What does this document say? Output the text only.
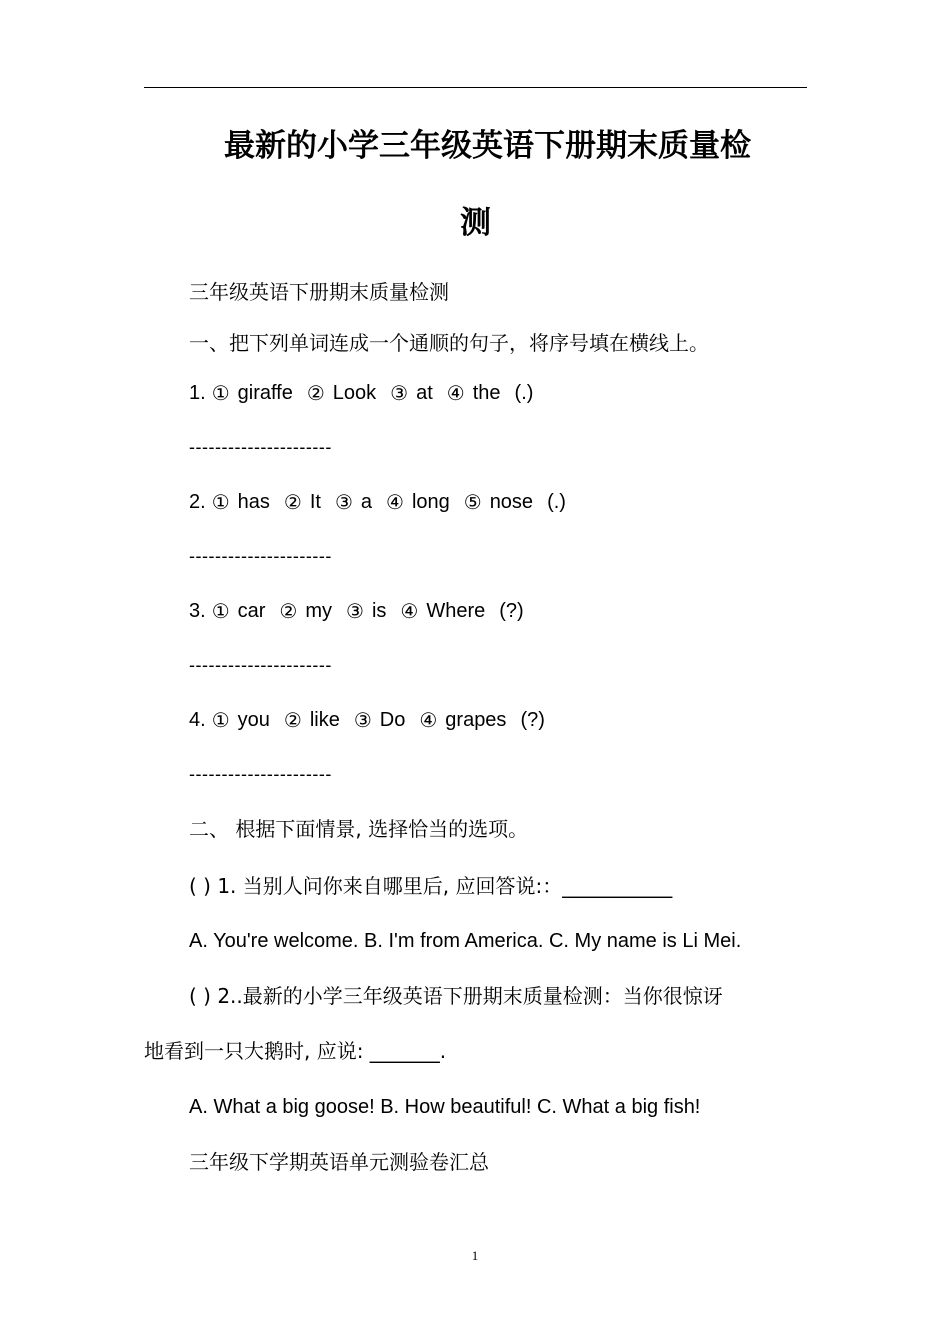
最新的小学三年级英语下册期末质量检
测
三年级英语下册期末质量检测
一、把下列单词连成一个通顺的句子，将序号填在横线上。
1. ① giraffe ② Look ③ at ④ the (.)
----------------------
2. ① has ② It ③ a ④ long ⑤ nose (.)
----------------------
3. ① car ② my ③ is ④ Where (?)
----------------------
4. ① you ② like ③ Do ④ grapes (?)
----------------------
二、 根据下面情景, 选择恰当的选项。
( ) 1. 当别人问你来自哪里后, 应回答说:：___________
A. You're welcome. B. I'm from America. C. My name is Li Mei.
( ) 2..最新的小学三年级英语下册期末质量检测：当你很惊讶
地看到一只大鹅时, 应说: _______.
A. What a big goose! B. How beautiful! C. What a big fish!
三年级下学期英语单元测验卷汇总
1
